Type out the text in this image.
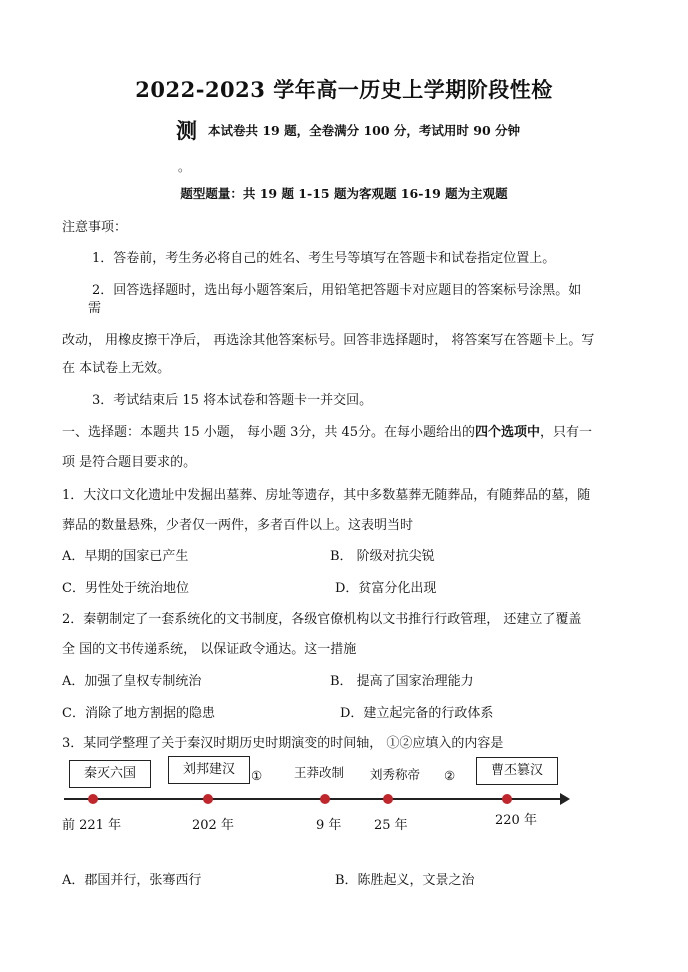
2022-2023 学年高一历史上学期阶段性检
测 本试卷共 19 题，全卷满分 100 分，考试用时 90 分钟
。
题型题量：共 19 题 1-15 题为客观题 16-19 题为主观题
注意事项：
1．答卷前，考生务必将自己的姓名、考生号等填写在答题卡和试卷指定位置上。
2．回答选择题时，选出每小题答案后，用铅笔把答题卡对应题目的答案标号涂黑。如
需
改动， 用橡皮擦干净后， 再选涂其他答案标号。回答非选择题时， 将答案写在答题卡上。写
在 本试卷上无效。
3．考试结束后 15 将本试卷和答题卡一并交回。
一、选择题：本题共 15 小题， 每小题 3分，共 45分。在每小题给出的四个选项中，只有一
项 是符合题目要求的。
1．大汶口文化遗址中发掘出墓葬、房址等遗存，其中多数墓葬无随葬品，有随葬品的墓，随
葬品的数量悬殊，少者仅一两件，多者百件以上。这表明当时
A．早期的国家已产生	B． 阶级对抗尖锐
C．男性处于统治地位	D．贫富分化出现
2．秦朝制定了一套系统化的文书制度，各级官僚机构以文书推行行政管理， 还建立了覆盖
全 国的文书传递系统， 以保证政令通达。这一措施
A．加强了皇权专制统治	B． 提高了国家治理能力
C．消除了地方割据的隐患	D．建立起完备的行政体系
3．某同学整理了关于秦汉时期历史时期演变的时间轴， ①②应填入的内容是
秦灭六国	刘邦建汉	①	王莽改制 刘秀称帝 ②	曹丕篡汉
前 221 年	202 年	9 年	25 年	220 年
A．郡国并行，张骞西行	B．陈胜起义，文景之治
